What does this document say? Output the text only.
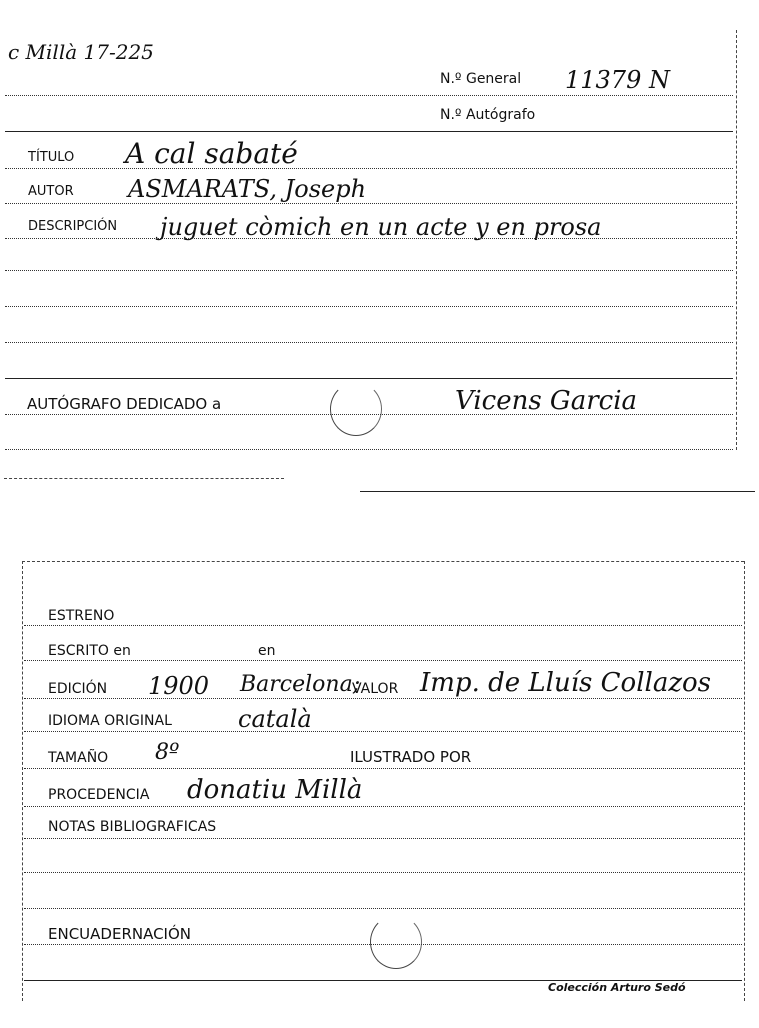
c Millà 17-225
N.º General 11379 N
N.º Autógrafo
TÍTULO A cal sabaté
AUTOR ASMARATS, Joseph
DESCRIPCIÓN juguet còmich en un acte y en prosa
AUTÓGRAFO DEDICADO a	Vicens Garcia
ESTRENO
ESCRITO en	en
EDICIÓN 1900 Barcelona;
VALOR Imp. de Lluís Collazos
IDIOMA ORIGINAL	català
TAMAÑO 8º	ILUSTRADO POR
PROCEDENCIA donatiu Millà
NOTAS BIBLIOGRAFICAS
ENCUADERNACIÓN
Colección Arturo Sedó
